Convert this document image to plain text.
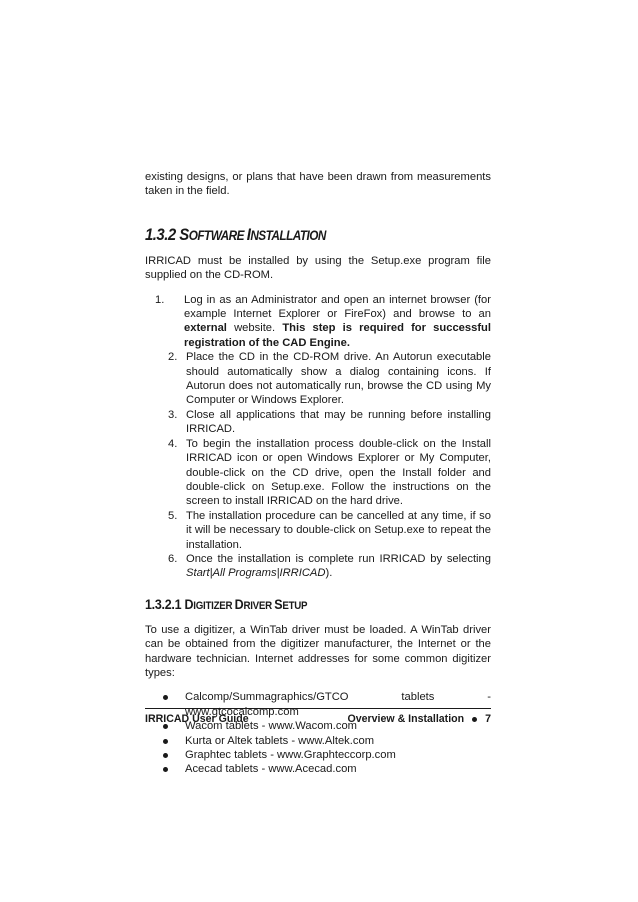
existing designs, or plans that have been drawn from measurements taken in the field.

1.3.2 SOFTWARE INSTALLATION

IRRICAD must be installed by using the Setup.exe program file supplied on the CD-ROM.

1. Log in as an Administrator and open an internet browser (for example Internet Explorer or FireFox) and browse to an external website. This step is required for successful registration of the CAD Engine.
2. Place the CD in the CD-ROM drive. An Autorun executable should automatically show a dialog containing icons. If Autorun does not automatically run, browse the CD using My Computer or Windows Explorer.
3. Close all applications that may be running before installing IRRICAD.
4. To begin the installation process double-click on the Install IRRICAD icon or open Windows Explorer or My Computer, double-click on the CD drive, open the Install folder and double-click on Setup.exe. Follow the instructions on the screen to install IRRICAD on the hard drive.
5. The installation procedure can be cancelled at any time, if so it will be necessary to double-click on Setup.exe to repeat the installation.
6. Once the installation is complete run IRRICAD by selecting Start|All Programs|IRRICAD).
1.3.2.1 DIGITIZER DRIVER SETUP

To use a digitizer, a WinTab driver must be loaded. A WinTab driver can be obtained from the digitizer manufacturer, the Internet or the hardware technician. Internet addresses for some common digitizer types:

Calcomp/Summagraphics/GTCO	tablets	-
www.gtcocalcomp.com
Wacom tablets - www.Wacom.com
Kurta or Altek tablets - www.Altek.com
Graphtec tablets - www.Graphteccorp.com
Acecad tablets - www.Acecad.com
IRRICAD User Guide	Overview & Installation 7
